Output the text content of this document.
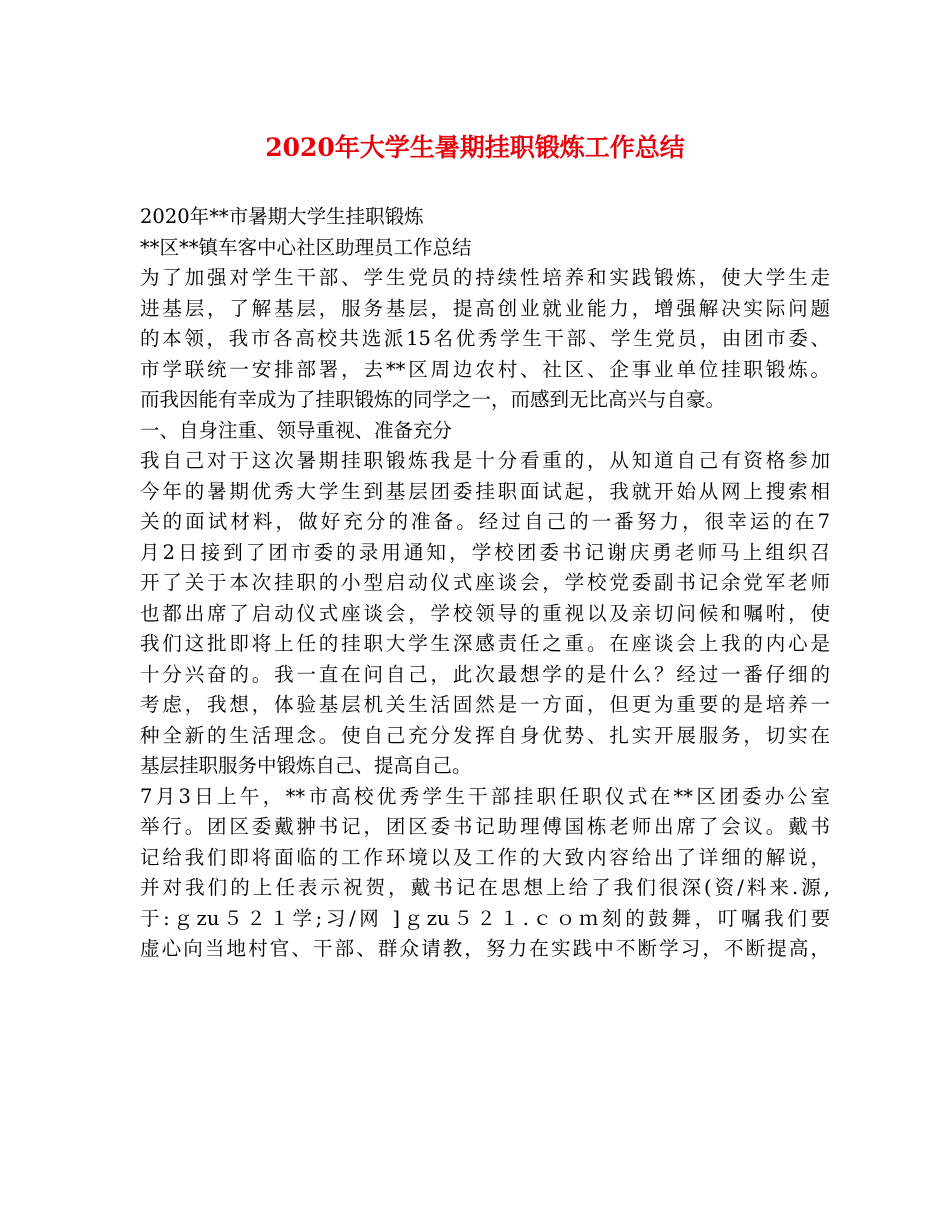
2020年大学生暑期挂职锻炼工作总结
2020年**市暑期大学生挂职锻炼
**区**镇车客中心社区助理员工作总结
为了加强对学生干部、学生党员的持续性培养和实践锻炼，使大学生走
进基层，了解基层，服务基层，提高创业就业能力，增强解决实际问题
的本领，我市各高校共选派15名优秀学生干部、学生党员，由团市委、
市学联统一安排部署，去**区周边农村、社区、企事业单位挂职锻炼。
而我因能有幸成为了挂职锻炼的同学之一，而感到无比高兴与自豪。
一、自身注重、领导重视、准备充分
我自己对于这次暑期挂职锻炼我是十分看重的，从知道自己有资格参加
今年的暑期优秀大学生到基层团委挂职面试起，我就开始从网上搜索相
关的面试材料，做好充分的准备。经过自己的一番努力，很幸运的在7
月2日接到了团市委的录用通知，学校团委书记谢庆勇老师马上组织召
开了关于本次挂职的小型启动仪式座谈会，学校党委副书记余党军老师
也都出席了启动仪式座谈会，学校领导的重视以及亲切问候和嘱咐，使
我们这批即将上任的挂职大学生深感责任之重。在座谈会上我的内心是
十分兴奋的。我一直在问自己，此次最想学的是什么？经过一番仔细的
考虑，我想，体验基层机关生活固然是一方面，但更为重要的是培养一
种全新的生活理念。使自己充分发挥自身优势、扎实开展服务，切实在
基层挂职服务中锻炼自己、提高自己。
7月3日上午，**市高校优秀学生干部挂职任职仪式在**区团委办公室
举行。团区委戴翀书记，团区委书记助理傅国栋老师出席了会议。戴书
记给我们即将面临的工作环境以及工作的大致内容给出了详细的解说，
并对我们的上任表示祝贺，戴书记在思想上给了我们很深(资/料来.源,
于:ｇzu５２１学;习/网 ]ｇzu５２１.ｃｏｍ刻的鼓舞，叮嘱我们要
虚心向当地村官、干部、群众请教，努力在实践中不断学习，不断提高，
